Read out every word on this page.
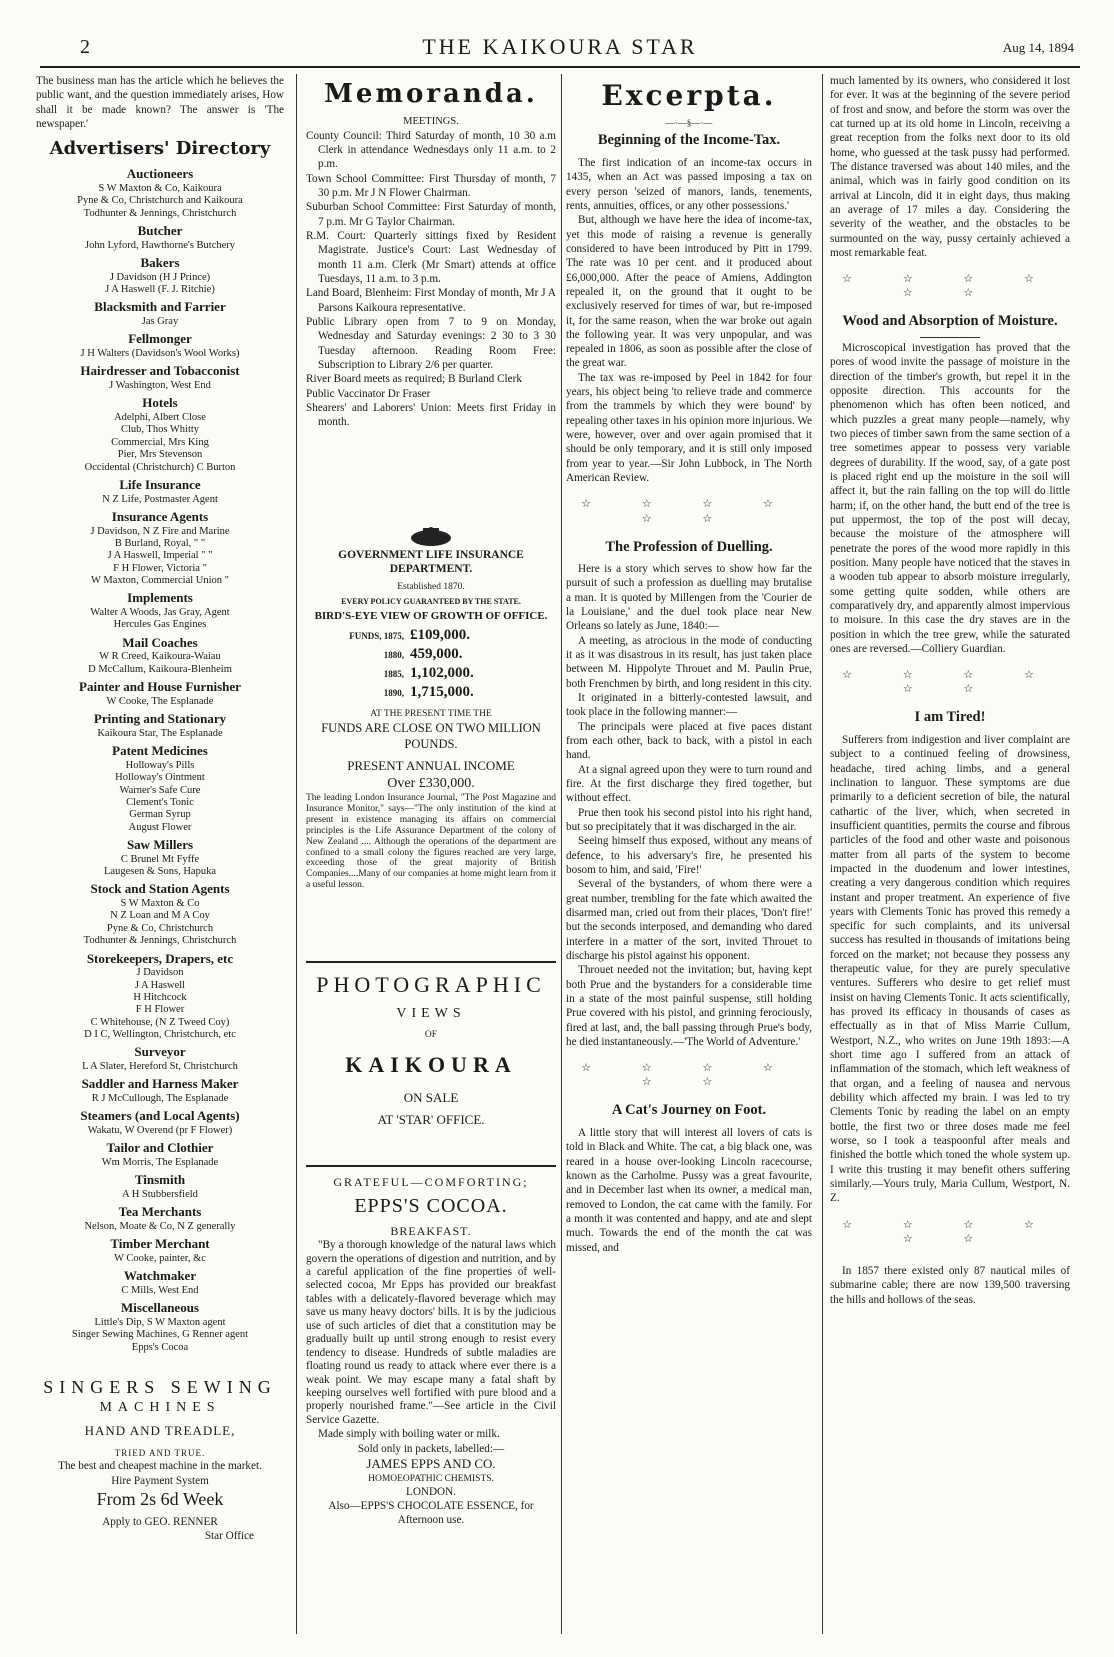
2	THE KAIKOURA STAR	Aug 14, 1894

The business man has the article which he believes the public want, and the question immediately arises, How shall it be made known? The answer is 'The newspaper.'

Advertisers' Directory
Auctioneers
S W Maxton & Co, Kaikoura
Pyne & Co, Christchurch and Kaikoura
Todhunter & Jennings, Christchurch
Butcher
John Lyford, Hawthorne's Butchery
Bakers
J Davidson (H J Prince)
J A Haswell (F. J. Ritchie)
Blacksmith and Farrier
Jas Gray
Fellmonger
J H Walters (Davidson's Wool Works)
Hairdresser and Tobacconist
J Washington, West End
Hotels
Adelphi, Albert Close
Club, Thos Whitty
Commercial, Mrs King
Pier, Mrs Stevenson
Occidental (Christchurch) C Burton
Life Insurance
N Z Life, Postmaster Agent
Insurance Agents
J Davidson, N Z Fire and Marine
B Burland, Royal, " "
J A Haswell, Imperial " "
F H Flower, Victoria "
W Maxton, Commercial Union "
Implements
Walter A Woods, Jas Gray, Agent
Hercules Gas Engines
Mail Coaches
W R Creed, Kaikoura-Waiau
D McCallum, Kaikoura-Blenheim
Painter and House Furnisher
W Cooke, The Esplanade
Printing and Stationary
Kaikoura Star, The Esplanade
Patent Medicines
Holloway's Pills
Holloway's Ointment
Warner's Safe Cure
Clement's Tonic
German Syrup
August Flower
Saw Millers
C Brunel Mt Fyffe
Laugesen & Sons, Hapuka
Stock and Station Agents
S W Maxton & Co
N Z Loan and M A Coy
Pyne & Co, Christchurch
Todhunter & Jennings, Christchurch
Storekeepers, Drapers, etc
J Davidson
J A Haswell
H Hitchcock
F H Flower
C Whitehouse, (N Z Tweed Coy)
D I C, Wellington, Christchurch, etc
Surveyor
L A Slater, Hereford St, Christchurch
Saddler and Harness Maker
R J McCullough, The Esplanade
Steamers (and Local Agents)
Wakatu, W Overend (pr F Flower)
Tailor and Clothier
Wm Morris, The Esplanade
Tinsmith
A H Stubbersfield
Tea Merchants
Nelson, Moate & Co, N Z generally
Timber Merchant
W Cooke, painter, &c
Watchmaker
C Mills, West End
Miscellaneous
Little's Dip, S W Maxton agent
Singer Sewing Machines, G Renner agent
Epps's Cocoa
SINGERS SEWING
MACHINES
HAND AND TREADLE,
TRIED AND TRUE.
The best and cheapest machine in the market.
Hire Payment System
From 2s 6d Week
Apply to GEO. RENNER
Star Office
Memoranda.
MEETINGS.

County Council: Third Saturday of month, 10 30 a.m Clerk in attendance Wednesdays only 11 a.m. to 2 p.m.

Town School Committee: First Thursday of month, 7 30 p.m. Mr J N Flower Chairman.

Suburban School Committee: First Saturday of month, 7 p.m. Mr G Taylor Chairman.

R.M. Court: Quarterly sittings fixed by Resident Magistrate. Justice's Court: Last Wednesday of month 11 a.m. Clerk (Mr Smart) attends at office Tuesdays, 11 a.m. to 3 p.m.

Land Board, Blenheim: First Monday of month, Mr J A Parsons Kaikoura representative.

Public Library open from 7 to 9 on Monday, Wednesday and Saturday evenings: 2 30 to 3 30 Tuesday afternoon. Reading Room Free: Subscription to Library 2/6 per quarter.

River Board meets as required; B Burland Clerk

Public Vaccinator Dr Fraser

Shearers' and Laborers' Union: Meets first Friday in month.

GOVERNMENT LIFE INSURANCE DEPARTMENT.
Established 1870.
EVERY POLICY GUARANTEED BY THE STATE.
BIRD'S-EYE VIEW OF GROWTH OF OFFICE.
FUNDS, 1875, £109,000.
1880, 459,000.
1885, 1,102,000.
1890, 1,715,000.
AT THE PRESENT TIME THE
FUNDS ARE CLOSE ON TWO MILLION POUNDS.
PRESENT ANNUAL INCOME
Over £330,000.

The leading London Insurance Journal, "The Post Magazine and Insurance Monitor," says—"The only institution of the kind at present in existence managing its affairs on commercial principles is the Life Assurance Department of the colony of New Zealand .... Although the operations of the department are confined to a small colony the figures reached are very large, exceeding those of the great majority of British Companies....Many of our companies at home might learn from it a useful lesson.

PHOTOGRAPHIC
VIEWS
OF
KAIKOURA
ON SALE
AT 'STAR' OFFICE.
GRATEFUL—COMFORTING;
EPPS'S COCOA.
BREAKFAST.

"By a thorough knowledge of the natural laws which govern the operations of digestion and nutrition, and by a careful application of the fine properties of well-selected cocoa, Mr Epps has provided our breakfast tables with a delicately-flavored beverage which may save us many heavy doctors' bills. It is by the judicious use of such articles of diet that a constitution may be gradually built up until strong enough to resist every tendency to disease. Hundreds of subtle maladies are floating round us ready to attack where ever there is a weak point. We may escape many a fatal shaft by keeping ourselves well fortified with pure blood and a properly nourished frame."—See article in the Civil Service Gazette.

Made simply with boiling water or milk.

Sold only in packets, labelled:—
JAMES EPPS AND CO.
HOMOEOPATHIC CHEMISTS.
LONDON.
Also—EPPS'S CHOCOLATE ESSENCE, for Afternoon use.
Excerpta.
—·—§—·—
Beginning of the Income-Tax.

The first indication of an income-tax occurs in 1435, when an Act was passed imposing a tax on every person 'seized of manors, lands, tenements, rents, annuities, offices, or any other possessions.'

But, although we have here the idea of income-tax, yet this mode of raising a revenue is generally considered to have been introduced by Pitt in 1799. The rate was 10 per cent. and it produced about £6,000,000. After the peace of Amiens, Addington repealed it, on the ground that it ought to be exclusively reserved for times of war, but re-imposed it, for the same reason, when the war broke out again the following year. It was very unpopular, and was repealed in 1806, as soon as possible after the close of the great war.

The tax was re-imposed by Peel in 1842 for four years, his object being 'to relieve trade and commerce from the trammels by which they were bound' by repealing other taxes in his opinion more injurious. We were, however, over and over again promised that it should be only temporary, and it is still only imposed from year to year.—Sir John Lubbock, in The North American Review.

☆ ☆ ☆ ☆ ☆ ☆
The Profession of Duelling.

Here is a story which serves to show how far the pursuit of such a profession as duelling may brutalise a man. It is quoted by Millengen from the 'Courier de la Louisiane,' and the duel took place near New Orleans so lately as June, 1840:—

A meeting, as atrocious in the mode of conducting it as it was disastrous in its result, has just taken place between M. Hippolyte Throuet and M. Paulin Prue, both Frenchmen by birth, and long resident in this city.

It originated in a bitterly-contested lawsuit, and took place in the following manner:—

The principals were placed at five paces distant from each other, back to back, with a pistol in each hand.

At a signal agreed upon they were to turn round and fire. At the first discharge they fired together, but without effect.

Prue then took his second pistol into his right hand, but so precipitately that it was discharged in the air.

Seeing himself thus exposed, without any means of defence, to his adversary's fire, he presented his bosom to him, and said, 'Fire!'

Several of the bystanders, of whom there were a great number, trembling for the fate which awaited the disarmed man, cried out from their places, 'Don't fire!' but the seconds interposed, and demanding who dared interfere in a matter of the sort, invited Throuet to discharge his pistol against his opponent.

Throuet needed not the invitation; but, having kept both Prue and the bystanders for a considerable time in a state of the most painful suspense, still holding Prue covered with his pistol, and grinning ferociously, fired at last, and, the ball passing through Prue's body, he died instantaneously.—'The World of Adventure.'

☆ ☆ ☆ ☆ ☆ ☆
A Cat's Journey on Foot.

A little story that will interest all lovers of cats is told in Black and White. The cat, a big black one, was reared in a house over-looking Lincoln racecourse, known as the Carholme. Pussy was a great favourite, and in December last when its owner, a medical man, removed to London, the cat came with the family. For a month it was contented and happy, and ate and slept much. Towards the end of the month the cat was missed, and

much lamented by its owners, who considered it lost for ever. It was at the beginning of the severe period of frost and snow, and before the storm was over the cat turned up at its old home in Lincoln, receiving a great reception from the folks next door to its old home, who guessed at the task pussy had performed. The distance traversed was about 140 miles, and the animal, which was in fairly good condition on its arrival at Lincoln, did it in eight days, thus making an average of 17 miles a day. Considering the severity of the weather, and the obstacles to be surmounted on the way, pussy certainly achieved a most remarkable feat.

☆ ☆ ☆ ☆ ☆ ☆
Wood and Absorption of Moisture.

Microscopical investigation has proved that the pores of wood invite the passage of moisture in the direction of the timber's growth, but repel it in the opposite direction. This accounts for the phenomenon which has often been noticed, and which puzzles a great many people—namely, why two pieces of timber sawn from the same section of a tree sometimes appear to possess very variable degrees of durability. If the wood, say, of a gate post is placed right end up the moisture in the soil will affect it, but the rain falling on the top will do little harm; if, on the other hand, the butt end of the tree is put uppermost, the top of the post will decay, because the moisture of the atmosphere will penetrate the pores of the wood more rapidly in this position. Many people have noticed that the staves in a wooden tub appear to absorb moisture irregularly, some getting quite sodden, while others are comparatively dry, and apparently almost impervious to moisure. In this case the dry staves are in the position in which the tree grew, while the saturated ones are reversed.—Colliery Guardian.

☆ ☆ ☆ ☆ ☆ ☆
I am Tired!

Sufferers from indigestion and liver complaint are subject to a continued feeling of drowsiness, headache, tired aching limbs, and a general inclination to languor. These symptoms are due primarily to a deficient secretion of bile, the natural cathartic of the liver, which, when secreted in insufficient quantities, permits the course and fibrous particles of the food and other waste and poisonous matter from all parts of the system to become impacted in the duodenum and lower intestines, creating a very dangerous condition which requires instant and proper treatment. An experience of five years with Clements Tonic has proved this remedy a specific for such complaints, and its universal success has resulted in thousands of imitations being forced on the market; not because they possess any therapeutic value, for they are purely speculative ventures. Sufferers who desire to get relief must insist on having Clements Tonic. It acts scientifically, has proved its efficacy in thousands of cases as effectually as in that of Miss Marrie Cullum, Westport, N.Z., who writes on June 19th 1893:—A short time ago I suffered from an attack of inflammation of the stomach, which left weakness of that organ, and a feeling of nausea and nervous debility which affected my brain. I was led to try Clements Tonic by reading the label on an empty bottle, the first two or three doses made me feel worse, so I took a teaspoonful after meals and finished the bottle which toned the whole system up. I write this trusting it may benefit others suffering similarly.—Yours truly, Maria Cullum, Westport, N. Z.

☆ ☆ ☆ ☆ ☆ ☆

In 1857 there existed only 87 nautical miles of submarine cable; there are now 139,500 traversing the hills and hollows of the seas.
